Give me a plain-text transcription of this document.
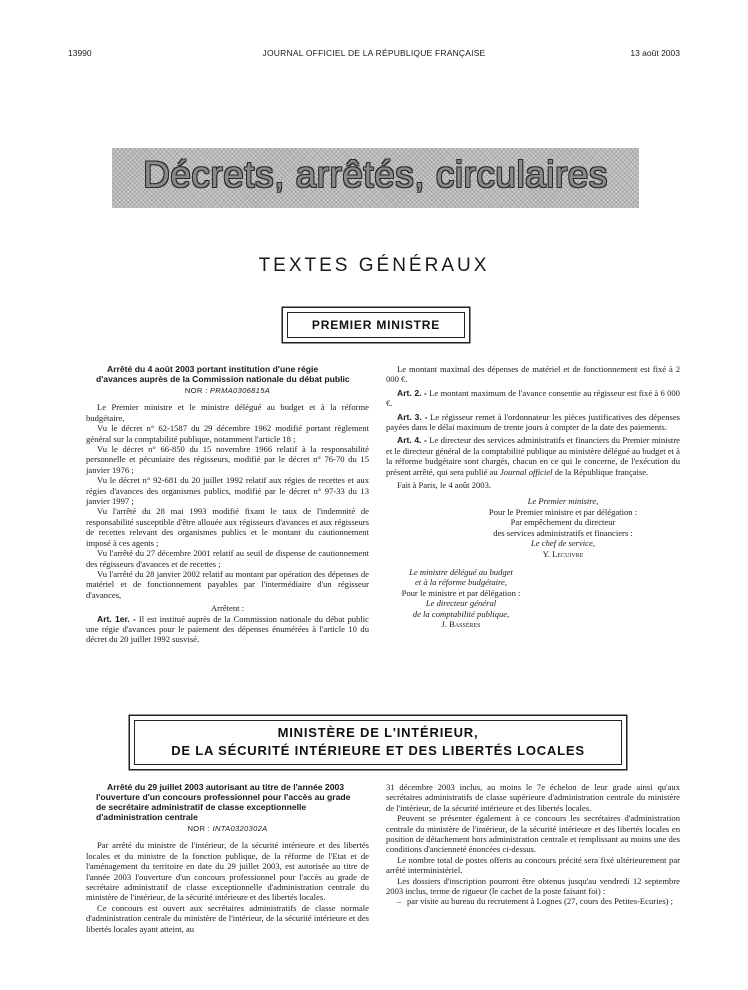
13990	JOURNAL OFFICIEL DE LA RÉPUBLIQUE FRANÇAISE	13 août 2003
Décrets, arrêtés, circulaires
TEXTES GÉNÉRAUX
PREMIER MINISTRE

Arrêté du 4 août 2003 portant institution d'une régie d'avances auprès de la Commission nationale du débat public

NOR : PRMA0306815A

Le Premier ministre et le ministre délégué au budget et à la réforme budgétaire,

Vu le décret n° 62-1587 du 29 décembre 1962 modifié portant règlement général sur la comptabilité publique, notamment l'article 18 ;

Vu le décret n° 66-850 du 15 novembre 1966 relatif à la responsabilité personnelle et pécuniaire des régisseurs, modifié par le décret n° 76-70 du 15 janvier 1976 ;

Vu le décret n° 92-681 du 20 juillet 1992 relatif aux régies de recettes et aux régies d'avances des organismes publics, modifié par le décret n° 97-33 du 13 janvier 1997 ;

Vu l'arrêté du 28 mai 1993 modifié fixant le taux de l'indemnité de responsabilité susceptible d'être allouée aux régisseurs d'avances et aux régisseurs de recettes relevant des organismes publics et le montant du cautionnement imposé à ces agents ;

Vu l'arrêté du 27 décembre 2001 relatif au seuil de dispense de cautionnement des régisseurs d'avances et de recettes ;

Vu l'arrêté du 28 janvier 2002 relatif au montant par opération des dépenses de matériel et de fonctionnement payables par l'intermédiaire d'un régisseur d'avances,

Arrêtent :

Art. 1er. - Il est institué auprès de la Commission nationale du débat public une régie d'avances pour le paiement des dépenses énumérées à l'article 10 du décret du 20 juillet 1992 susvisé.

Le montant maximal des dépenses de matériel et de fonctionnement est fixé à 2 000 €.

Art. 2. - Le montant maximum de l'avance consentie au régisseur est fixé à 6 000 €.

Art. 3. - Le régisseur remet à l'ordonnateur les pièces justificatives des dépenses payées dans le délai maximum de trente jours à compter de la date des paiements.

Art. 4. - Le directeur des services administratifs et financiers du Premier ministre et le directeur général de la comptabilité publique au ministère délégué au budget et à la réforme budgétaire sont chargés, chacun en ce qui le concerne, de l'exécution du présent arrêté, qui sera publié au Journal officiel de la République française.

Fait à Paris, le 4 août 2003.

Le Premier ministre,
Pour le Premier ministre et par délégation :
Par empêchement du directeur
des services administratifs et financiers :
Le chef de service,
Y. Lecuivre
Le ministre délégué au budget
et à la réforme budgétaire,
Pour le ministre et par délégation :
Le directeur général
de la comptabilité publique,
J. Bassères
MINISTÈRE DE L'INTÉRIEUR,
DE LA SÉCURITÉ INTÉRIEURE ET DES LIBERTÉS LOCALES

Arrêté du 29 juillet 2003 autorisant au titre de l'année 2003 l'ouverture d'un concours professionnel pour l'accès au grade de secrétaire administratif de classe exceptionnelle d'administration centrale

NOR : INTA0320302A

Par arrêté du ministre de l'intérieur, de la sécurité intérieure et des libertés locales et du ministre de la fonction publique, de la réforme de l'Etat et de l'aménagement du territoire en date du 29 juillet 2003, est autorisée au titre de l'année 2003 l'ouverture d'un concours professionnel pour l'accès au grade de secrétaire administratif de classe exceptionnelle d'administration centrale du ministère de l'intérieur, de la sécurité intérieure et des libertés locales.

Ce concours est ouvert aux secrétaires administratifs de classe normale d'administration centrale du ministère de l'intérieur, de la sécurité intérieure et des libertés locales ayant atteint, au

31 décembre 2003 inclus, au moins le 7e échelon de leur grade ainsi qu'aux secrétaires administratifs de classe supérieure d'administration centrale du ministère de l'intérieur, de la sécurité intérieure et des libertés locales.

Peuvent se présenter également à ce concours les secrétaires d'administration centrale du ministère de l'intérieur, de la sécurité intérieure et des libertés locales en position de détachement hors administration centrale et remplissant au moins une des conditions d'ancienneté énoncées ci-dessus.

Le nombre total de postes offerts au concours précité sera fixé ultérieurement par arrêté interministériel.

Les dossiers d'inscription pourront être obtenus jusqu'au vendredi 12 septembre 2003 inclus, terme de rigueur (le cachet de la poste faisant foi) :

– par visite au bureau du recrutement à Lognes (27, cours des Petites-Ecuries) ;
